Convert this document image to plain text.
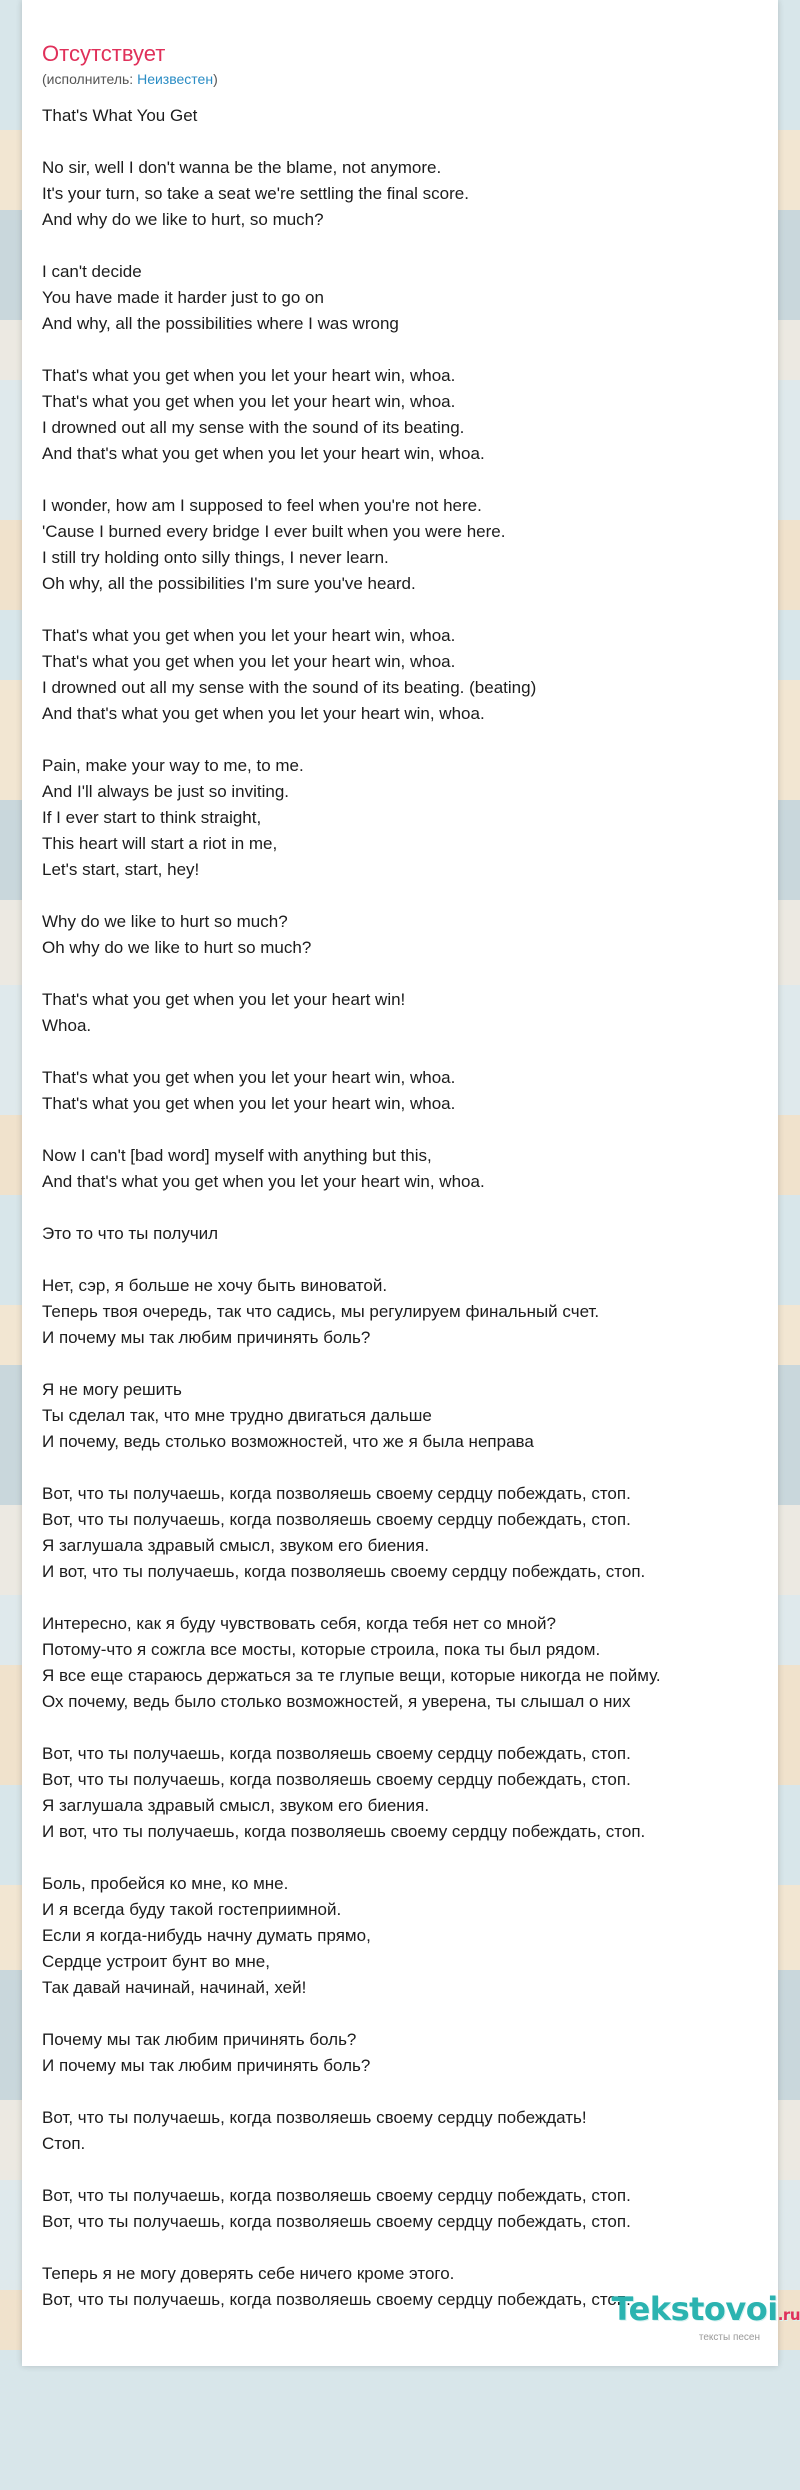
Отсутствует
(исполнитель: Неизвестен)
That's What You Get
No sir, well I don't wanna be the blame, not anymore.
It's your turn, so take a seat we're settling the final score.
And why do we like to hurt, so much?
I can't decide
You have made it harder just to go on
And why, all the possibilities where I was wrong
That's what you get when you let your heart win, whoa.
That's what you get when you let your heart win, whoa.
I drowned out all my sense with the sound of its beating.
And that's what you get when you let your heart win, whoa.
I wonder, how am I supposed to feel when you're not here.
'Cause I burned every bridge I ever built when you were here.
I still try holding onto silly things, I never learn.
Oh why, all the possibilities I'm sure you've heard.
That's what you get when you let your heart win, whoa.
That's what you get when you let your heart win, whoa.
I drowned out all my sense with the sound of its beating. (beating)
And that's what you get when you let your heart win, whoa.
Pain, make your way to me, to me.
And I'll always be just so inviting.
If I ever start to think straight,
This heart will start a riot in me,
Let's start, start, hey!
Why do we like to hurt so much?
Oh why do we like to hurt so much?
That's what you get when you let your heart win!
Whoa.
That's what you get when you let your heart win, whoa.
That's what you get when you let your heart win, whoa.
Now I can't [bad word] myself with anything but this,
And that's what you get when you let your heart win, whoa.
Это то что ты получил
Нет, сэр, я больше не хочу быть виноватой.
Теперь твоя очередь, так что садись, мы регулируем финальный счет.
И почему мы так любим причинять боль?
Я не могу решить
Ты сделал так, что мне трудно двигаться дальше
И почему, ведь столько возможностей, что же я была неправа
Вот, что ты получаешь, когда позволяешь своему сердцу побеждать, стоп.
Вот, что ты получаешь, когда позволяешь своему сердцу побеждать, стоп.
Я заглушала здравый смысл, звуком его биения.
И вот, что ты получаешь, когда позволяешь своему сердцу побеждать, стоп.
Интересно, как я буду чувствовать себя, когда тебя нет со мной?
Потому-что я сожгла все мосты, которые строила, пока ты был рядом.
Я все еще стараюсь держаться за те глупые вещи, которые никогда не пойму.
Ох почему, ведь было столько возможностей, я уверена, ты слышал о них
Вот, что ты получаешь, когда позволяешь своему сердцу побеждать, стоп.
Вот, что ты получаешь, когда позволяешь своему сердцу побеждать, стоп.
Я заглушала здравый смысл, звуком его биения.
И вот, что ты получаешь, когда позволяешь своему сердцу побеждать, стоп.
Боль, пробейся ко мне, ко мне.
И я всегда буду такой гостеприимной.
Если я когда-нибудь начну думать прямо,
Сердце устроит бунт во мне,
Так давай начинай, начинай, хей!
Почему мы так любим причинять боль?
И почему мы так любим причинять боль?
Вот, что ты получаешь, когда позволяешь своему сердцу побеждать!
Стоп.
Вот, что ты получаешь, когда позволяешь своему сердцу побеждать, стоп.
Вот, что ты получаешь, когда позволяешь своему сердцу побеждать, стоп.
Теперь я не могу доверять себе ничего кроме этого.
Вот, что ты получаешь, когда позволяешь своему сердцу побеждать, стоп.
Tekstovoi.ru
тексты песен
